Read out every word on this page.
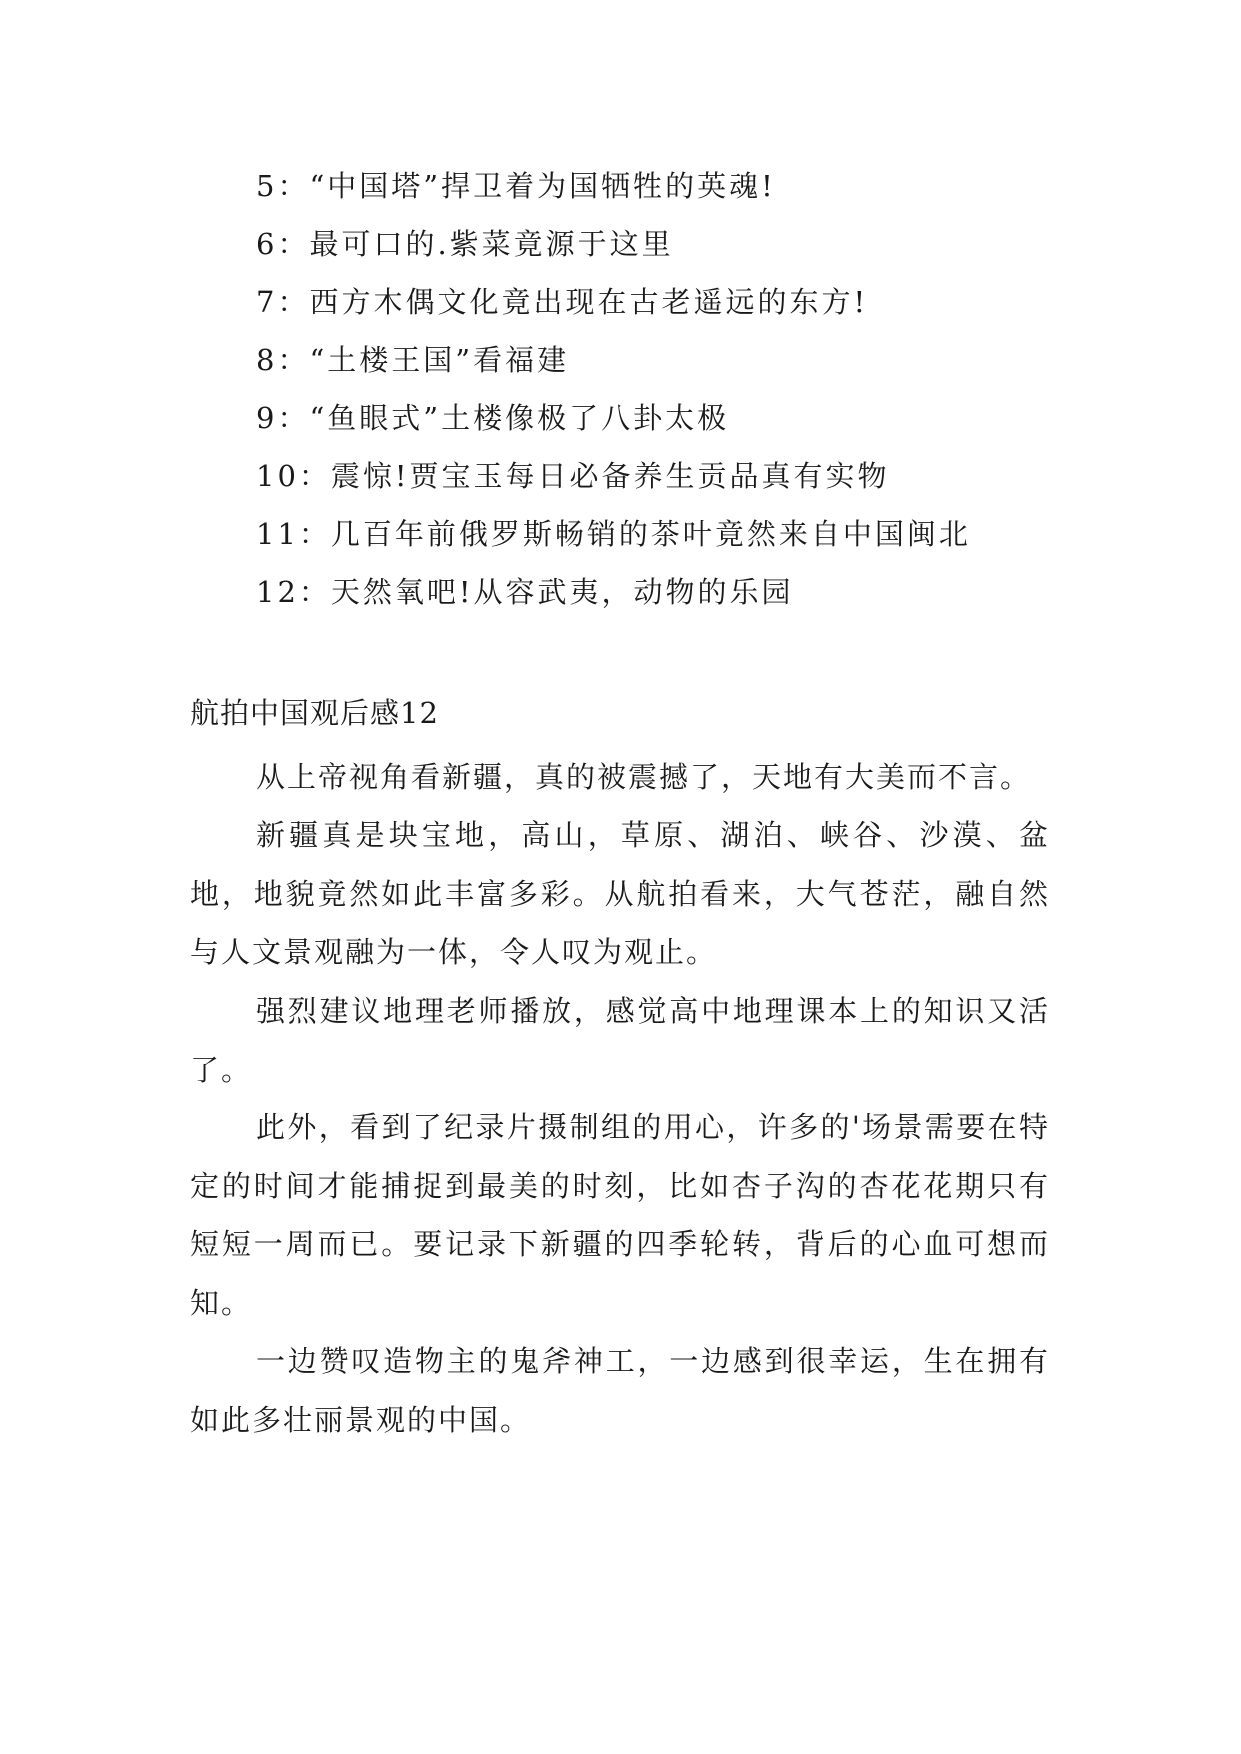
5：“中国塔”捍卫着为国牺牲的英魂!
6：最可口的.紫菜竟源于这里
7：西方木偶文化竟出现在古老遥远的东方!
8：“土楼王国”看福建
9：“鱼眼式”土楼像极了八卦太极
10：震惊!贾宝玉每日必备养生贡品真有实物
11：几百年前俄罗斯畅销的茶叶竟然来自中国闽北
12：天然氧吧!从容武夷，动物的乐园
航拍中国观后感12

从上帝视角看新疆，真的被震撼了，天地有大美而不言。

新疆真是块宝地，高山，草原、湖泊、峡谷、沙漠、盆地，地貌竟然如此丰富多彩。从航拍看来，大气苍茫，融自然与人文景观融为一体，令人叹为观止。

强烈建议地理老师播放，感觉高中地理课本上的知识又活了。

此外，看到了纪录片摄制组的用心，许多的'场景需要在特定的时间才能捕捉到最美的时刻，比如杏子沟的杏花花期只有短短一周而已。要记录下新疆的四季轮转，背后的心血可想而知。

一边赞叹造物主的鬼斧神工，一边感到很幸运，生在拥有如此多壮丽景观的中国。
